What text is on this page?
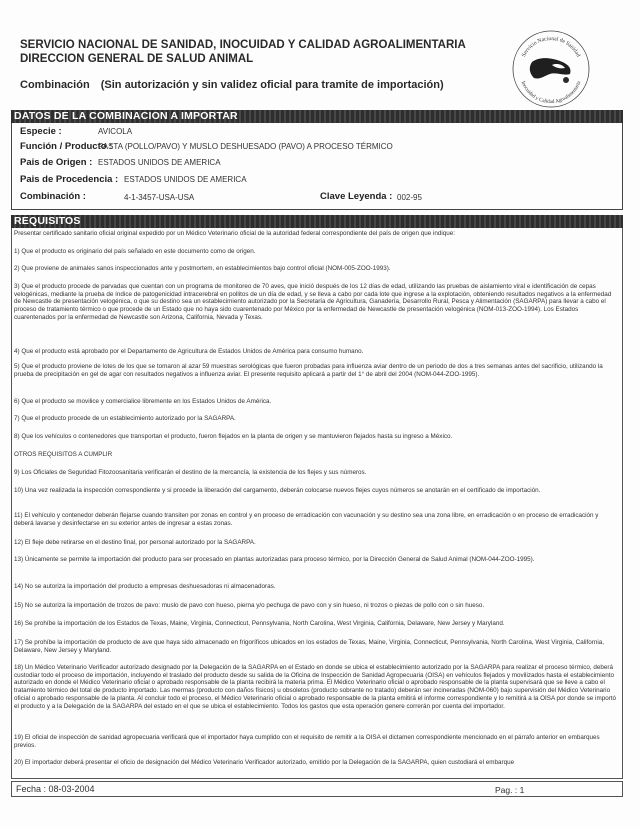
SERVICIO NACIONAL DE SANIDAD, INOCUIDAD Y CALIDAD AGROALIMENTARIA
DIRECCION GENERAL DE SALUD ANIMAL
Combinación (Sin autorización y sin validez oficial para tramite de importación)
Servicio Nacional de Sanidad
Inocuidad y Calidad Agroalimentaria
DATOS DE LA COMBINACION A IMPORTAR
Especie :	AVICOLA
Función / Producto :
PASTA (POLLO/PAVO) Y MUSLO DESHUESADO (PAVO) A PROCESO TÉRMICO
Pais de Origen : ESTADOS UNIDOS DE AMERICA
Pais de Procedencia : ESTADOS UNIDOS DE AMERICA
Combinación :	4-1-3457-USA-USA	Clave Leyenda : 002-95
REQUISITOS
Presentar certificado sanitario oficial original expedido por un Médico Veterinario oficial de la autoridad federal correspondiente del país de origen que indique:
1) Que el producto es originario del país señalado en este documento como de origen.
2) Que proviene de animales sanos inspeccionados ante y postmortem, en establecimientos bajo control oficial (NOM-005-ZOO-1993).
3) Que el producto procede de parvadas que cuentan con un programa de monitoreo de 70 aves, que inició después de los 12 días de edad, utilizando las pruebas de aislamiento viral e identificación de cepas velogénicas, mediante la prueba de índice de patogenicidad intracerebral en pollitos de un día de edad, y se lleva a cabo por cada lote que ingrese a la explotación, obteniendo resultados negativos a la enfermedad de Newcastle de presentación velogénica, o que su destino sea un establecimiento autorizado por la Secretaría de Agricultura, Ganadería, Desarrollo Rural, Pesca y Alimentación (SAGARPA) para llevar a cabo el proceso de tratamiento térmico o que procede de un Estado que no haya sido cuarentenado por México por la enfermedad de Newcastle de presentación velogénica (NOM-013-ZOO-1994). Los Estados cuarentenados por la enfermedad de Newcastle son Arizona, California, Nevada y Texas.
4) Que el producto está aprobado por el Departamento de Agricultura de Estados Unidos de América para consumo humano.
5) Que el producto proviene de lotes de los que se tomaron al azar 59 muestras serológicas que fueron probadas para influenza aviar dentro de un periodo de dos a tres semanas antes del sacrificio, utilizando la prueba de precipitación en gel de agar con resultados negativos a influenza aviar. El presente requisito aplicará a partir del 1° de abril del 2004 (NOM-044-ZOO-1995).
6) Que el producto se movilice y comercialice libremente en los Estados Unidos de América.
7) Que el producto procede de un establecimiento autorizado por la SAGARPA.
8) Que los vehículos o contenedores que transportan el producto, fueron flejados en la planta de origen y se mantuvieron flejados hasta su ingreso a México.
OTROS REQUISITOS A CUMPLIR
9) Los Oficiales de Seguridad Fitozoosanitaria verificarán el destino de la mercancía, la existencia de los flejes y sus números.
10) Una vez realizada la inspección correspondiente y si procede la liberación del cargamento, deberán colocarse nuevos flejes cuyos números se anotarán en el certificado de importación.
11) El vehículo y contenedor deberán flejarse cuando transiten por zonas en control y en proceso de erradicación con vacunación y su destino sea una zona libre, en erradicación o en proceso de erradicación y deberá lavarse y desinfectarse en su exterior antes de ingresar a estas zonas.
12) El fleje debe retirarse en el destino final, por personal autorizado por la SAGARPA.
13) Únicamente se permite la importación del producto para ser procesado en plantas autorizadas para proceso térmico, por la Dirección General de Salud Animal (NOM-044-ZOO-1995).
14) No se autoriza la importación del producto a empresas deshuesadoras ni almacenadoras.
15) No se autoriza la importación de trozos de pavo: muslo de pavo con hueso, pierna y/o pechuga de pavo con y sin hueso, ni trozos o piezas de pollo con o sin hueso.
16) Se prohíbe la importación de los Estados de Texas, Maine, Virginia, Connecticut, Pennsylvania, North Carolina, West Virginia, California, Delaware, New Jersey y Maryland.
17) Se prohíbe la importación de producto de ave que haya sido almacenado en frigoríficos ubicados en los estados de Texas, Maine, Virginia, Connecticut, Pennsylvania, North Carolina, West Virginia, California, Delaware, New Jersey y Maryland.
18) Un Médico Veterinario Verificador autorizado designado por la Delegación de la SAGARPA en el Estado en donde se ubica el establecimiento autorizado por la SAGARPA para realizar el proceso térmico, deberá custodiar todo el proceso de importación, incluyendo el traslado del producto desde su salida de la Oficina de Inspección de Sanidad Agropecuaria (OISA) en vehículos flejados y movilizados hasta el establecimiento autorizado en donde el Médico Veterinario oficial o aprobado responsable de la planta recibirá la materia prima. El Médico Veterinario oficial o aprobado responsable de la planta supervisará que se lleve a cabo el tratamiento térmico del total de producto importado. Las mermas (producto con daños físicos) u obsoletos (producto sobrante no tratado) deberán ser incineradas (NOM-060) bajo supervisión del Médico Veterinario oficial o aprobado responsable de la planta. Al concluir todo el proceso, el Médico Veterinario oficial o aprobado responsable de la planta emitirá el informe correspondiente y lo remitirá a la OISA por donde se importó el producto y a la Delegación de la SAGARPA del estado en el que se ubica el establecimiento. Todos los gastos que esta operación genere correrán por cuenta del importador.
19) El oficial de inspección de sanidad agropecuaria verificará que el importador haya cumplido con el requisito de remitir a la OISA el dictamen correspondiente mencionado en el párrafo anterior en embarques previos.
20) El importador deberá presentar el oficio de designación del Médico Veterinario Verificador autorizado, emitido por la Delegación de la SAGARPA, quien custodiará el embarque
Fecha : 08-03-2004	Pag. : 1
